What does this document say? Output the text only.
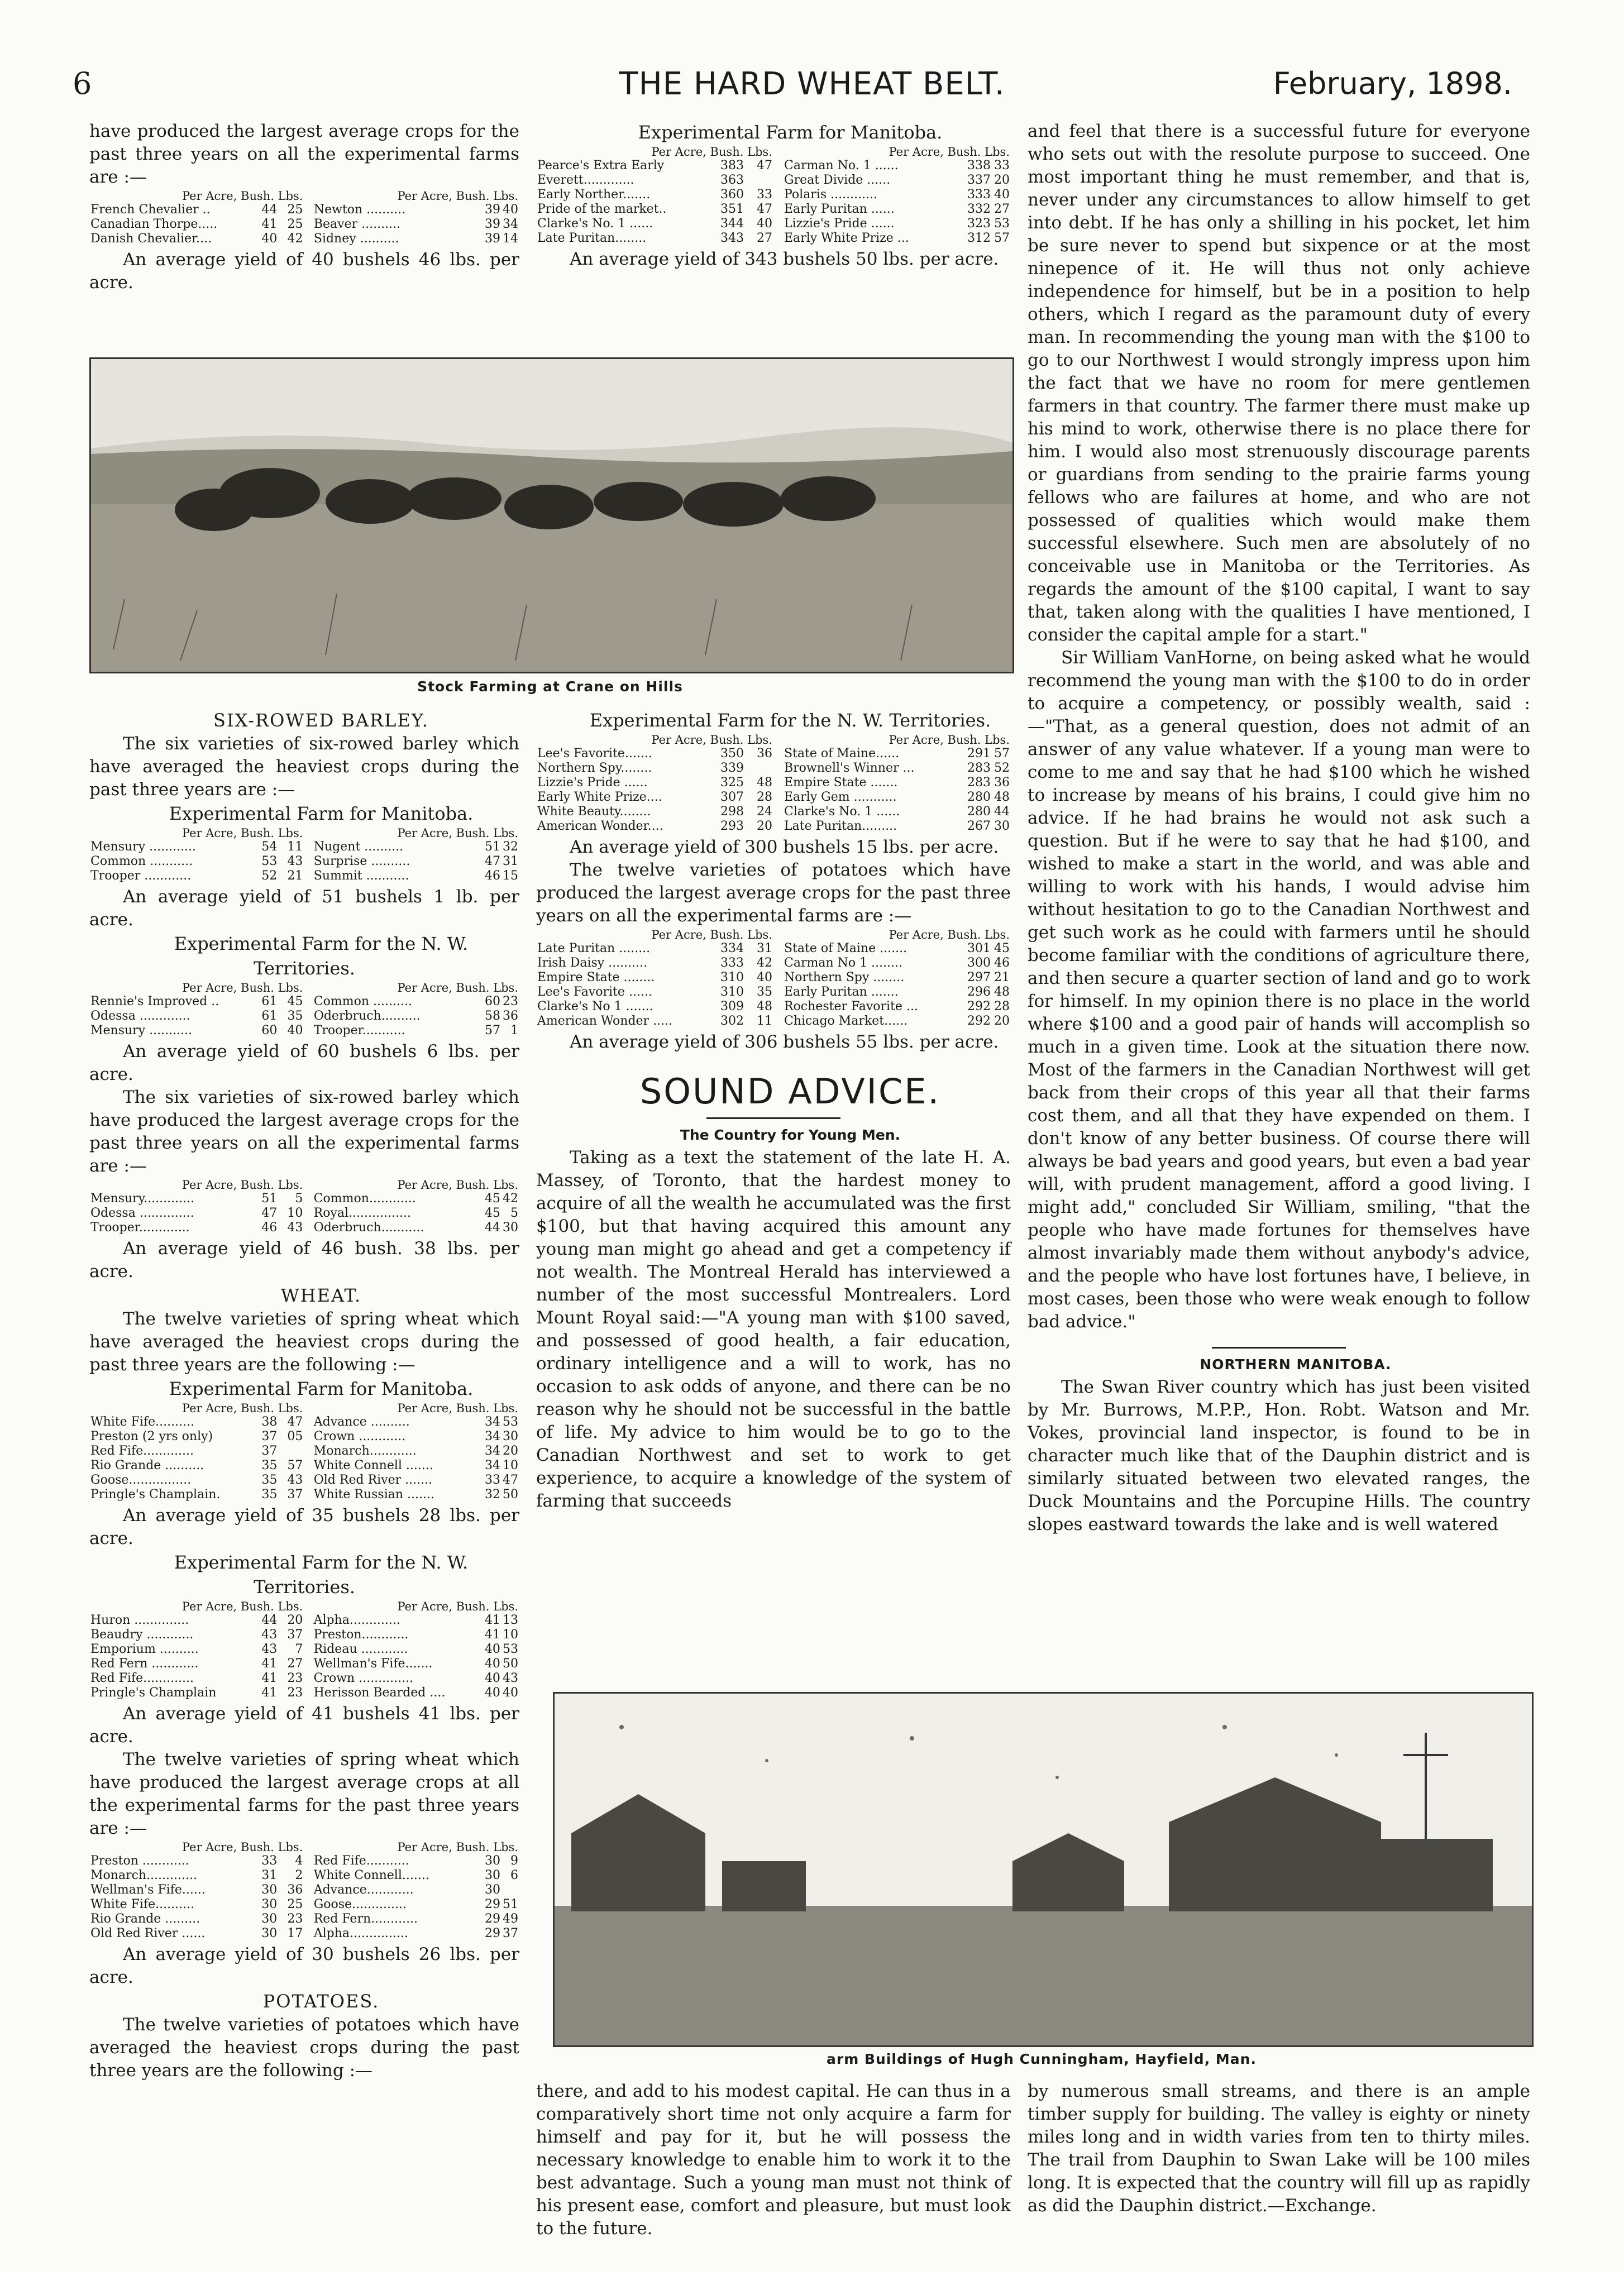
6	THE HARD WHEAT BELT.	February, 1898.

have produced the largest average crops for the past three years on all the experimental farms are :—

Per Acre, Bush. Lbs.				Per Acre, Bush. Lbs.		
French Chevalier ..	44	25		Newton ..........	39	40
Canadian Thorpe.....	41	25		Beaver ..........	39	34
Danish Chevalier....	40	42		Sidney ..........	39	14

An average yield of 40 bushels 46 lbs. per acre.

Experimental Farm for Manitoba.

Per Acre, Bush. Lbs.				Per Acre, Bush. Lbs.		
Pearce's Extra Early	383	47		Carman No. 1 ......	338	33
Everett.............	363			Great Divide ......	337	20
Early Norther.......	360	33		Polaris ............	333	40
Pride of the market..	351	47		Early Puritan ......	332	27
Clarke's No. 1 ......	344	40		Lizzie's Pride ......	323	53
Late Puritan........	343	27		Early White Prize ...	312	57

An average yield of 343 bushels 50 lbs. per acre.

Stock Farming at Crane on Hills

SIX-ROWED BARLEY.

The six varieties of six-rowed barley which have averaged the heaviest crops during the past three years are :—

Experimental Farm for Manitoba.

Per Acre, Bush. Lbs.				Per Acre, Bush. Lbs.		
Mensury ............	54	11		Nugent ..........	51	32
Common ...........	53	43		Surprise ..........	47	31
Trooper ............	52	21		Summit ...........	46	15

An average yield of 51 bushels 1 lb. per acre.

Experimental Farm for the N. W. Territories.

Per Acre, Bush. Lbs.				Per Acre, Bush. Lbs.		
Rennie's Improved ..	61	45		Common ..........	60	23
Odessa .............	61	35		Oderbruch..........	58	36
Mensury ...........	60	40		Trooper...........	57	1

An average yield of 60 bushels 6 lbs. per acre.

The six varieties of six-rowed barley which have produced the largest average crops for the past three years on all the experimental farms are :—

Per Acre, Bush. Lbs.				Per Acre, Bush. Lbs.		
Mensury.............	51	5		Common............	45	42
Odessa ..............	47	10		Royal................	45	5
Trooper.............	46	43		Oderbruch...........	44	30

An average yield of 46 bush. 38 lbs. per acre.

WHEAT.

The twelve varieties of spring wheat which have averaged the heaviest crops during the past three years are the following :—

Experimental Farm for Manitoba.

Per Acre, Bush. Lbs.				Per Acre, Bush. Lbs.		
White Fife..........	38	47		Advance ..........	34	53
Preston (2 yrs only)	37	05		Crown ............	34	30
Red Fife.............	37			Monarch............	34	20
Rio Grande ..........	35	57		White Connell .......	34	10
Goose................	35	43		Old Red River .......	33	47
Pringle's Champlain.	35	37		White Russian .......	32	50

An average yield of 35 bushels 28 lbs. per acre.

Experimental Farm for the N. W. Territories.

Per Acre, Bush. Lbs.				Per Acre, Bush. Lbs.		
Huron ..............	44	20		Alpha.............	41	13
Beaudry ............	43	37		Preston............	41	10
Emporium ..........	43	7		Rideau ............	40	53
Red Fern ............	41	27		Wellman's Fife.......	40	50
Red Fife.............	41	23		Crown ..............	40	43
Pringle's Champlain	41	23		Herisson Bearded ....	40	40

An average yield of 41 bushels 41 lbs. per acre.

The twelve varieties of spring wheat which have produced the largest average crops at all the experimental farms for the past three years are :—

Per Acre, Bush. Lbs.				Per Acre, Bush. Lbs.		
Preston ............	33	4		Red Fife...........	30	9
Monarch.............	31	2		White Connell.......	30	6
Wellman's Fife......	30	36		Advance............	30	
White Fife..........	30	25		Goose..............	29	51
Rio Grande .........	30	23		Red Fern............	29	49
Old Red River ......	30	17		Alpha...............	29	37

An average yield of 30 bushels 26 lbs. per acre.

POTATOES.

The twelve varieties of potatoes which have averaged the heaviest crops during the past three years are the following :—

Experimental Farm for the N. W. Territories.

Per Acre, Bush. Lbs.				Per Acre, Bush. Lbs.		
Lee's Favorite.......	350	36		State of Maine......	291	57
Northern Spy........	339			Brownell's Winner ...	283	52
Lizzie's Pride ......	325	48		Empire State .......	283	36
Early White Prize....	307	28		Early Gem ...........	280	48
White Beauty........	298	24		Clarke's No. 1 ......	280	44
American Wonder....	293	20		Late Puritan.........	267	30

An average yield of 300 bushels 15 lbs. per acre.

The twelve varieties of potatoes which have produced the largest average crops for the past three years on all the experimental farms are :—

Per Acre, Bush. Lbs.				Per Acre, Bush. Lbs.		
Late Puritan ........	334	31		State of Maine .......	301	45
Irish Daisy ..........	333	42		Carman No 1 ........	300	46
Empire State ........	310	40		Northern Spy ........	297	21
Lee's Favorite ......	310	35		Early Puritan .......	296	48
Clarke's No 1 .......	309	48		Rochester Favorite ...	292	28
American Wonder .....	302	11		Chicago Market......	292	20

An average yield of 306 bushels 55 lbs. per acre.

SOUND ADVICE.

The Country for Young Men.

Taking as a text the statement of the late H. A. Massey, of Toronto, that the hardest money to acquire of all the wealth he accumulated was the first $100, but that having acquired this amount any young man might go ahead and get a competency if not wealth. The Montreal Herald has interviewed a number of the most successful Montrealers. Lord Mount Royal said:—"A young man with $100 saved, and possessed of good health, a fair education, ordinary intelligence and a will to work, has no occasion to ask odds of anyone, and there can be no reason why he should not be successful in the battle of life. My advice to him would be to go to the Canadian Northwest and set to work to get experience, to acquire a knowledge of the system of farming that succeeds

and feel that there is a successful future for everyone who sets out with the resolute purpose to succeed. One most important thing he must remember, and that is, never under any circumstances to allow himself to get into debt. If he has only a shilling in his pocket, let him be sure never to spend but sixpence or at the most ninepence of it. He will thus not only achieve independence for himself, but be in a position to help others, which I regard as the paramount duty of every man. In recommending the young man with the $100 to go to our Northwest I would strongly impress upon him the fact that we have no room for mere gentlemen farmers in that country. The farmer there must make up his mind to work, otherwise there is no place there for him. I would also most strenuously discourage parents or guardians from sending to the prairie farms young fellows who are failures at home, and who are not possessed of qualities which would make them successful elsewhere. Such men are absolutely of no conceivable use in Manitoba or the Territories. As regards the amount of the $100 capital, I want to say that, taken along with the qualities I have mentioned, I consider the capital ample for a start."

Sir William VanHorne, on being asked what he would recommend the young man with the $100 to do in order to acquire a competency, or possibly wealth, said :—"That, as a general question, does not admit of an answer of any value whatever. If a young man were to come to me and say that he had $100 which he wished to increase by means of his brains, I could give him no advice. If he had brains he would not ask such a question. But if he were to say that he had $100, and wished to make a start in the world, and was able and willing to work with his hands, I would advise him without hesitation to go to the Canadian Northwest and get such work as he could with farmers until he should become familiar with the conditions of agriculture there, and then secure a quarter section of land and go to work for himself. In my opinion there is no place in the world where $100 and a good pair of hands will accomplish so much in a given time. Look at the situation there now. Most of the farmers in the Canadian Northwest will get back from their crops of this year all that their farms cost them, and all that they have expended on them. I don't know of any better business. Of course there will always be bad years and good years, but even a bad year will, with prudent management, afford a good living. I might add," concluded Sir William, smiling, "that the people who have made fortunes for themselves have almost invariably made them without anybody's advice, and the people who have lost fortunes have, I believe, in most cases, been those who were weak enough to follow bad advice."

NORTHERN MANITOBA.

The Swan River country which has just been visited by Mr. Burrows, M.P.P., Hon. Robt. Watson and Mr. Vokes, provincial land inspector, is found to be in character much like that of the Dauphin district and is similarly situated between two elevated ranges, the Duck Mountains and the Porcupine Hills. The country slopes eastward towards the lake and is well watered

arm Buildings of Hugh Cunningham, Hayfield, Man.

there, and add to his modest capital. He can thus in a comparatively short time not only acquire a farm for himself and pay for it, but he will possess the necessary knowledge to enable him to work it to the best advantage. Such a young man must not think of his present ease, comfort and pleasure, but must look to the future.

by numerous small streams, and there is an ample timber supply for building. The valley is eighty or ninety miles long and in width varies from ten to thirty miles. The trail from Dauphin to Swan Lake will be 100 miles long. It is expected that the country will fill up as rapidly as did the Dauphin district.—Exchange.
